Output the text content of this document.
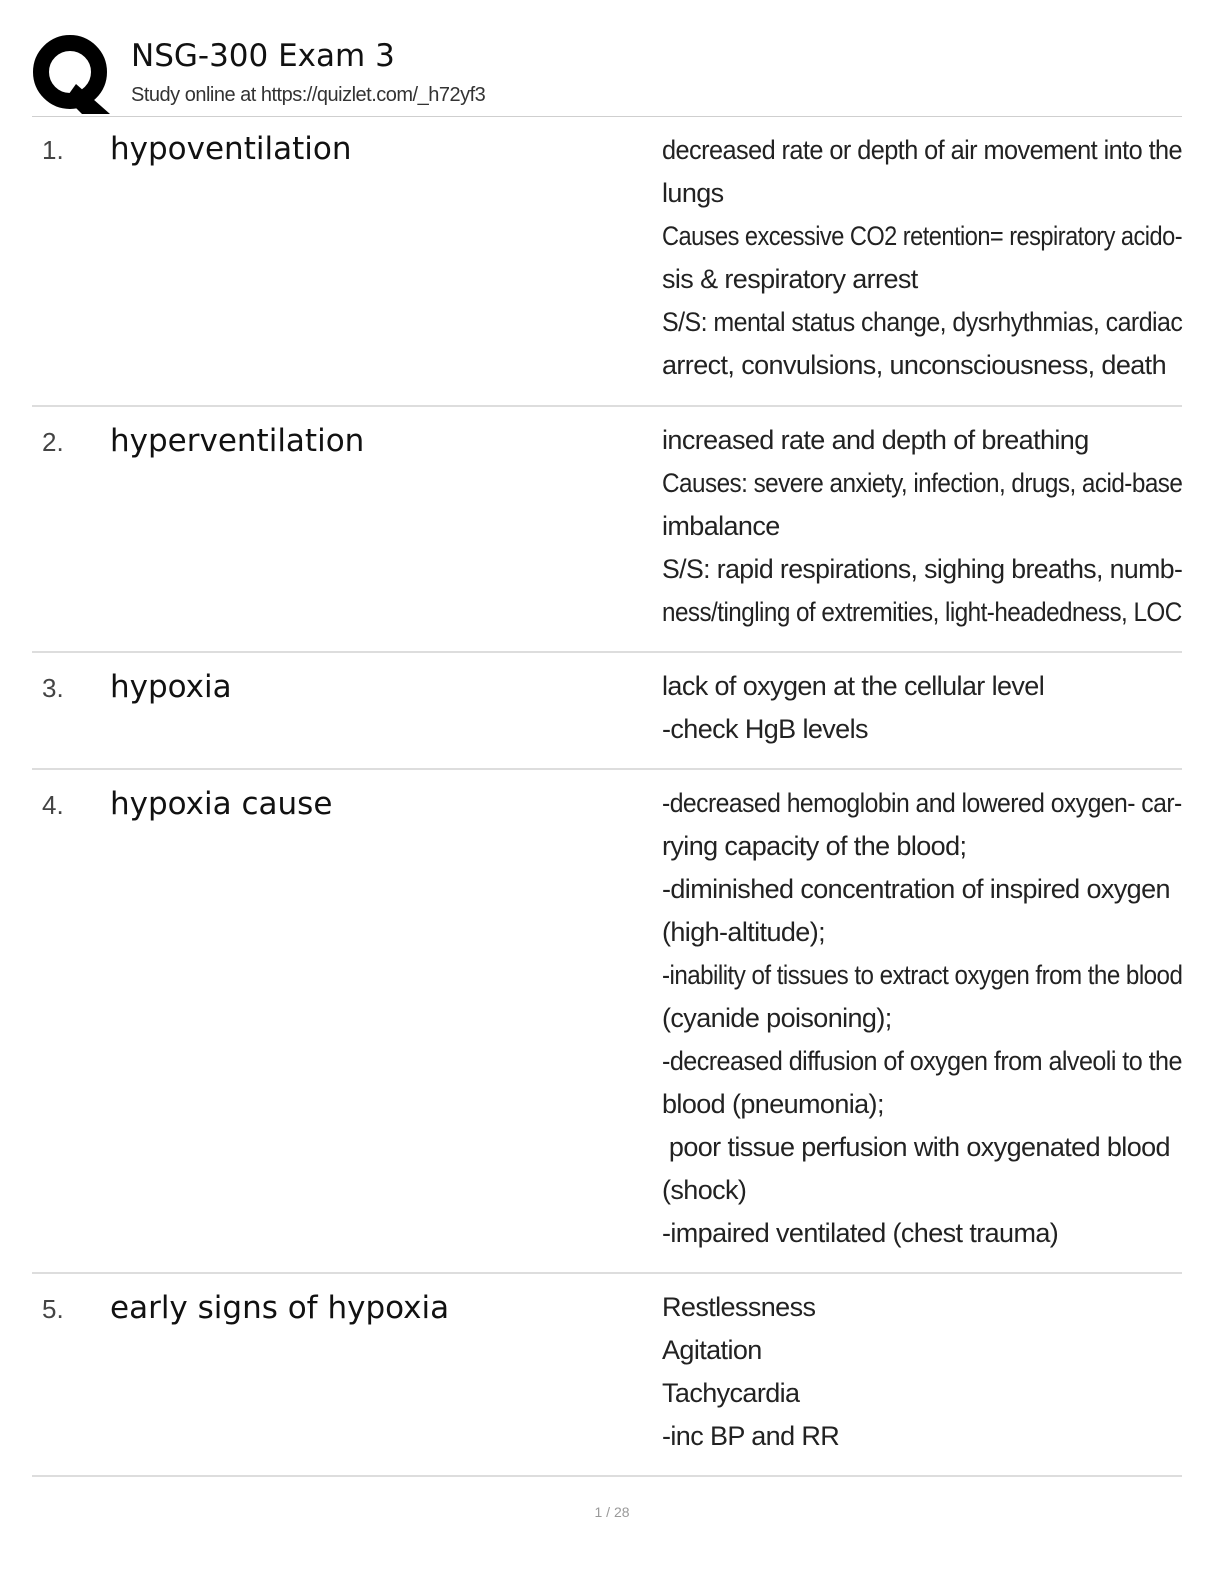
NSG-300 Exam 3
Study online at https://quizlet.com/_h72yf3
1. hypoventilation	decreased rate or depth of air movement into the
lungs
Causes excessive CO2 retention= respiratory acido-
sis & respiratory arrest
S/S: mental status change, dysrhythmias, cardiac
arrect, convulsions, unconsciousness, death
2. hyperventilation	increased rate and depth of breathing
Causes: severe anxiety, infection, drugs, acid-base
imbalance
S/S: rapid respirations, sighing breaths, numb-
ness/tingling of extremities, light-headedness, LOC
3. hypoxia	lack of oxygen at the cellular level
-check HgB levels
4. hypoxia cause	-decreased hemoglobin and lowered oxygen- car-
rying capacity of the blood;
-diminished concentration of inspired oxygen
(high-altitude);
-inability of tissues to extract oxygen from the blood
(cyanide poisoning);
-decreased diffusion of oxygen from alveoli to the
blood (pneumonia);
poor tissue perfusion with oxygenated blood
(shock)
-impaired ventilated (chest trauma)
5. early signs of hypoxia	Restlessness
Agitation
Tachycardia
-inc BP and RR
1 / 28
